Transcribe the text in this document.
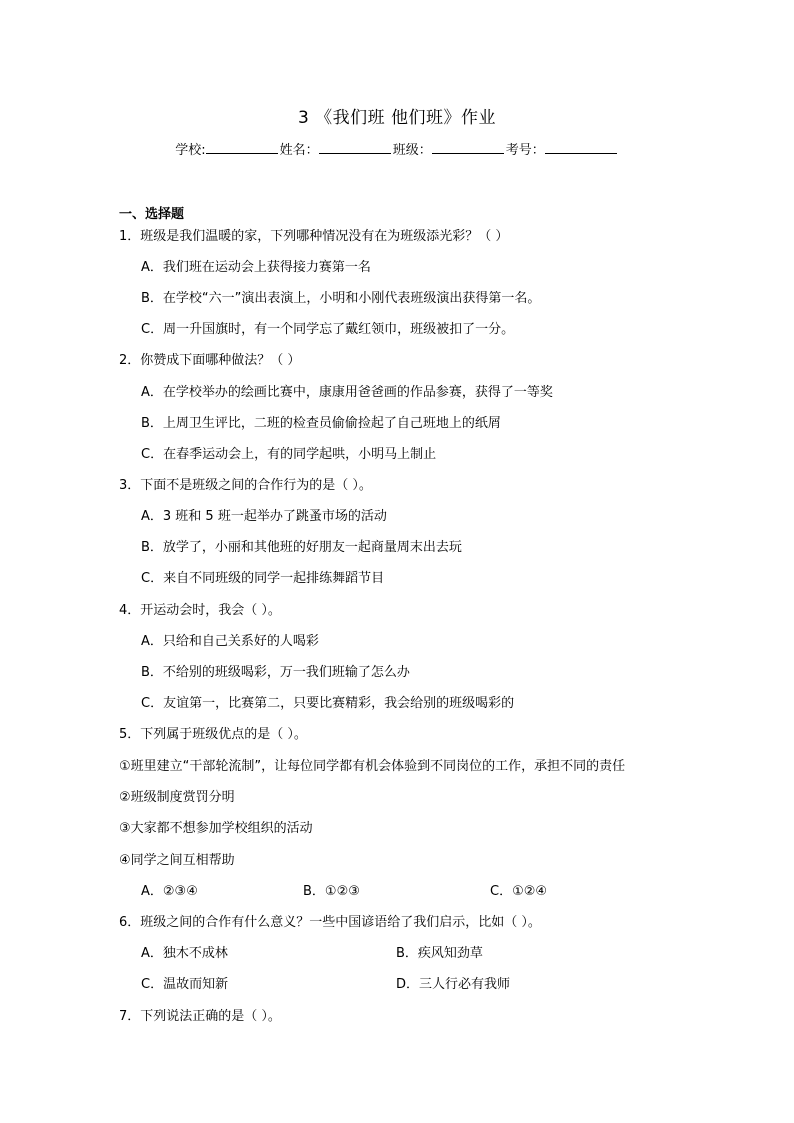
3 《我们班 他们班》作业
学校:	姓名：	班级：	考号：
一、选择题
1．班级是我们温暖的家，下列哪种情况没有在为班级添光彩？（ ）
A．我们班在运动会上获得接力赛第一名
B．在学校“六一”演出表演上，小明和小刚代表班级演出获得第一名。
C．周一升国旗时，有一个同学忘了戴红领巾，班级被扣了一分。
2．你赞成下面哪种做法？（ ）
A．在学校举办的绘画比赛中，康康用爸爸画的作品参赛，获得了一等奖
B．上周卫生评比，二班的检查员偷偷捡起了自己班地上的纸屑
C．在春季运动会上，有的同学起哄，小明马上制止
3．下面不是班级之间的合作行为的是（ ）。
A．3 班和 5 班一起举办了跳蚤市场的活动
B．放学了，小丽和其他班的好朋友一起商量周末出去玩
C．来自不同班级的同学一起排练舞蹈节目
4．开运动会时，我会（ ）。
A．只给和自己关系好的人喝彩
B．不给别的班级喝彩，万一我们班输了怎么办
C．友谊第一，比赛第二，只要比赛精彩，我会给别的班级喝彩的
5．下列属于班级优点的是（ ）。
①班里建立“干部轮流制”，让每位同学都有机会体验到不同岗位的工作，承担不同的责任
②班级制度赏罚分明
③大家都不想参加学校组织的活动
④同学之间互相帮助
A．②③④	B．①②③	C．①②④
6．班级之间的合作有什么意义？一些中国谚语给了我们启示，比如（ ）。
A．独木不成林	B．疾风知劲草
C．温故而知新	D．三人行必有我师
7．下列说法正确的是（ ）。
